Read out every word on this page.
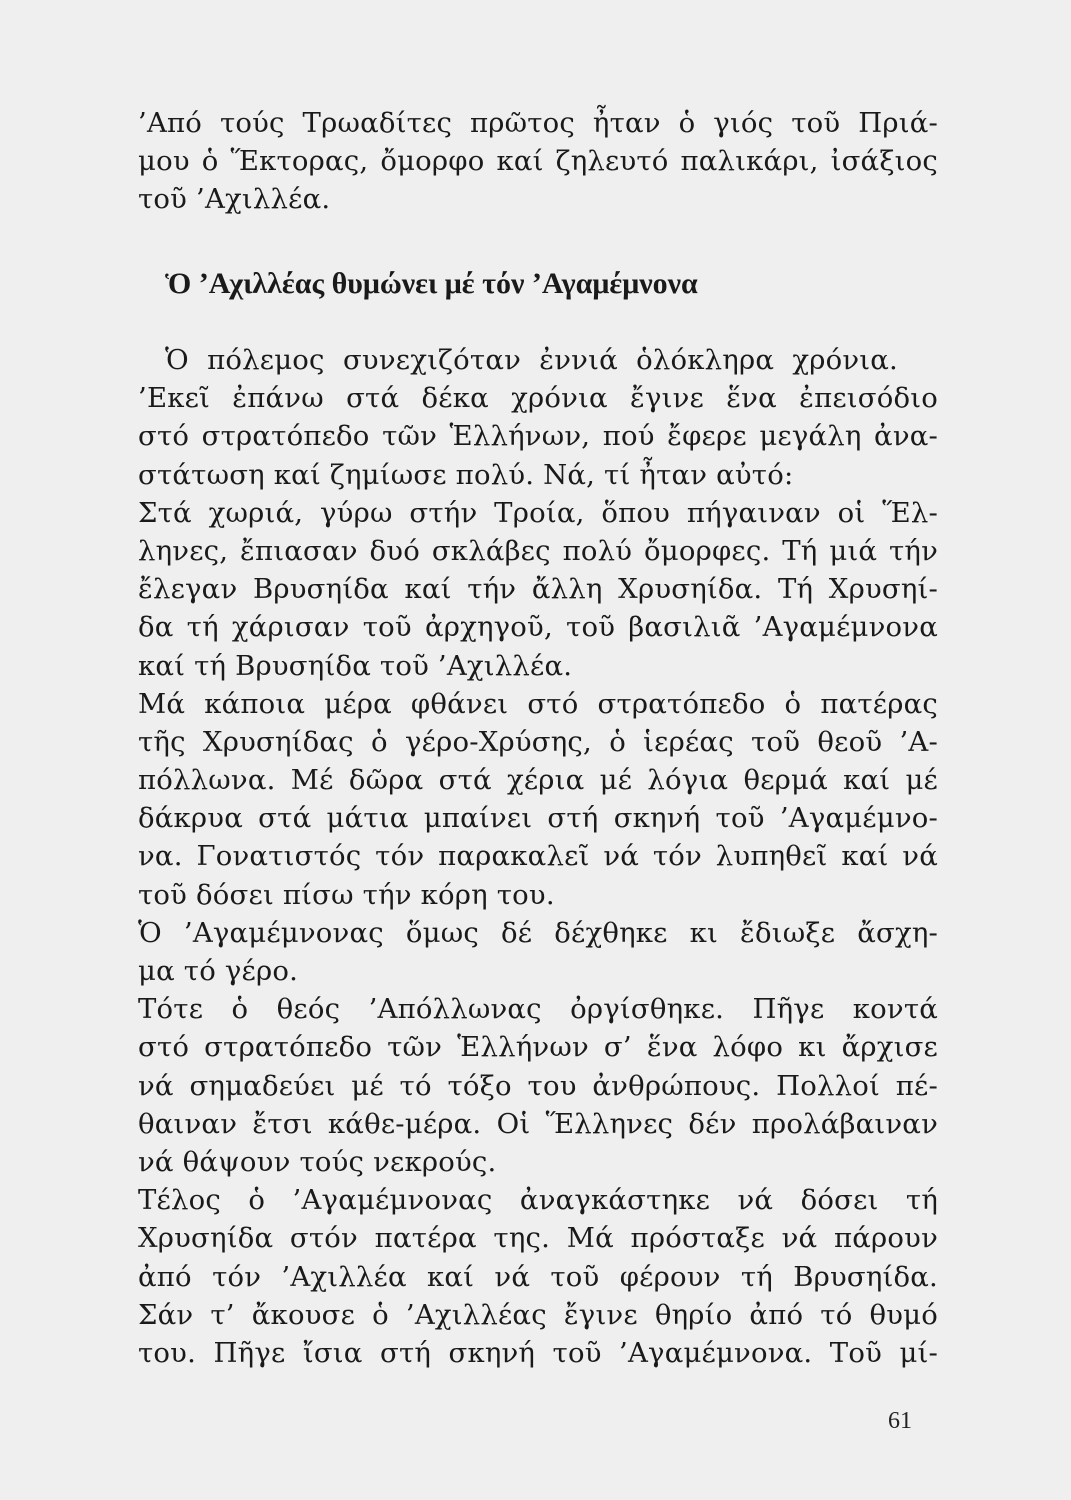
’Από τούς Τρωαδίτες πρῶτος ἦταν ὁ γιός τοῦ Πριά-
μου ὁ Ἕκτορας, ὄμορφο καί ζηλευτό παλικάρι, ἰσάξιος
τοῦ ’Αχιλλέα.
Ὁ ’Αχιλλέας θυμώνει μέ τόν ’Αγαμέμνονα
Ὁ πόλεμος συνεχιζόταν ἐννιά ὁλόκληρα χρόνια.
’Εκεῖ ἐπάνω στά δέκα χρόνια ἔγινε ἕνα ἐπεισόδιο
στό στρατόπεδο τῶν Ἑλλήνων, πού ἔφερε μεγάλη ἀνα-
στάτωση καί ζημίωσε πολύ. Νά, τί ἦταν αὐτό:
Στά χωριά, γύρω στήν Τροία, ὅπου πήγαιναν οἱ Ἕλ-
ληνες, ἔπιασαν δυό σκλάβες πολύ ὄμορφες. Τή μιά τήν
ἔλεγαν Βρυσηίδα καί τήν ἄλλη Χρυσηίδα. Τή Χρυσηί-
δα τή χάρισαν τοῦ ἀρχηγοῦ, τοῦ βασιλιᾶ ’Αγαμέμνονα
καί τή Βρυσηίδα τοῦ ’Αχιλλέα.
Μά κάποια μέρα φθάνει στό στρατόπεδο ὁ πατέρας
τῆς Χρυσηίδας ὁ γέρο-Χρύσης, ὁ ἱερέας τοῦ θεοῦ ’Α-
πόλλωνα. Μέ δῶρα στά χέρια μέ λόγια θερμά καί μέ
δάκρυα στά μάτια μπαίνει στή σκηνή τοῦ ’Αγαμέμνο-
να. Γονατιστός τόν παρακαλεῖ νά τόν λυπηθεῖ καί νά
τοῦ δόσει πίσω τήν κόρη του.
Ὁ ’Αγαμέμνονας ὅμως δέ δέχθηκε κι ἔδιωξε ἄσχη-
μα τό γέρο.
Τότε ὁ θεός ’Απόλλωνας ὀργίσθηκε. Πῆγε κοντά
στό στρατόπεδο τῶν Ἑλλήνων σ’ ἕνα λόφο κι ἄρχισε
νά σημαδεύει μέ τό τόξο του ἀνθρώπους. Πολλοί πέ-
θαιναν ἔτσι κάθε-μέρα. Οἱ Ἕλληνες δέν προλάβαιναν
νά θάψουν τούς νεκρούς.
Τέλος ὁ ’Αγαμέμνονας ἀναγκάστηκε νά δόσει τή
Χρυσηίδα στόν πατέρα της. Μά πρόσταξε νά πάρουν
ἀπό τόν ’Αχιλλέα καί νά τοῦ φέρουν τή Βρυσηίδα.
Σάν τ’ ἄκουσε ὁ ’Αχιλλέας ἔγινε θηρίο ἀπό τό θυμό
του. Πῆγε ἴσια στή σκηνή τοῦ ’Αγαμέμνονα. Τοῦ μί-
61
